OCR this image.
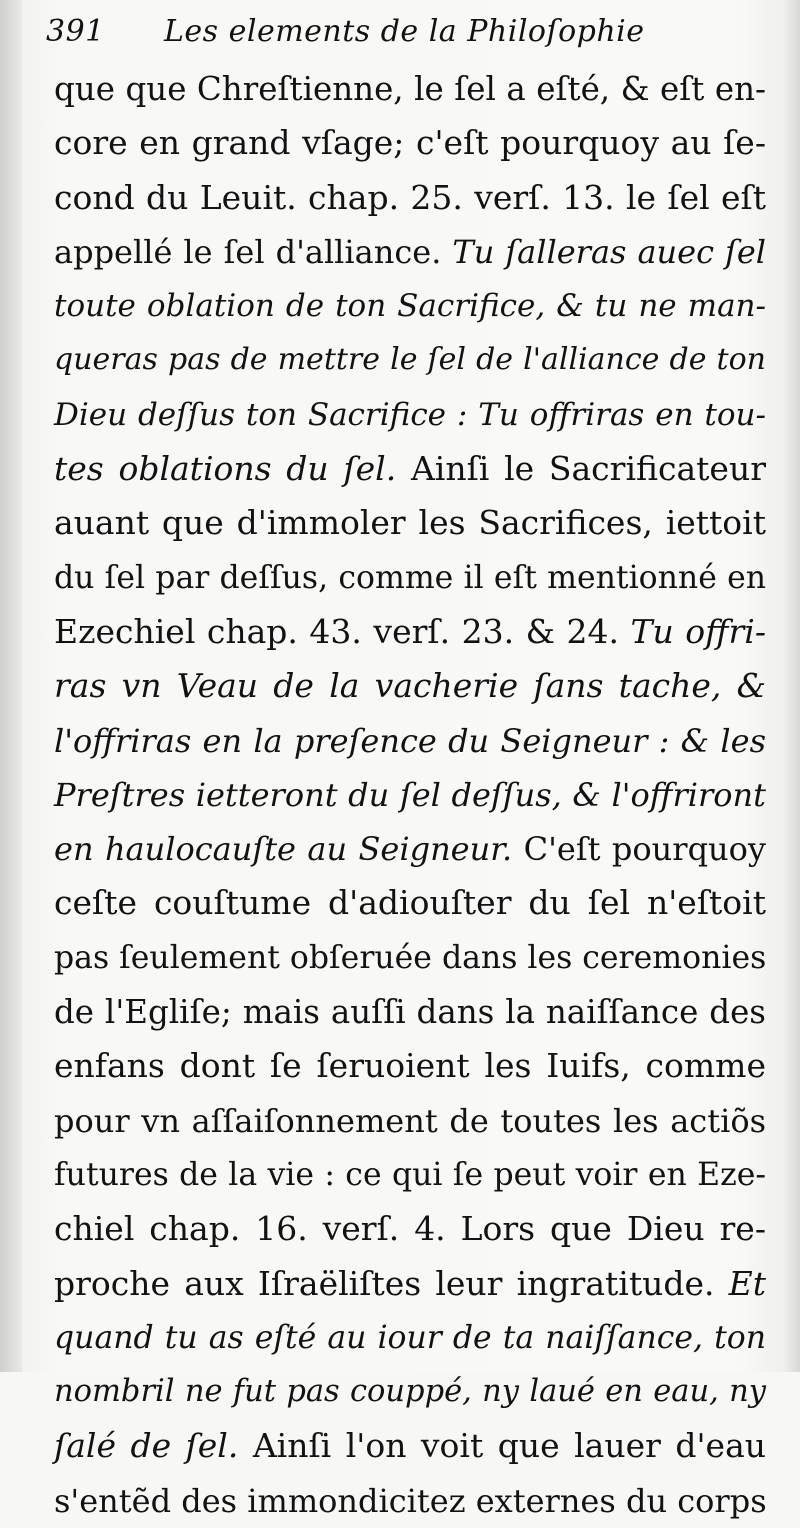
391	Les elements de la Philoſophie
que que Chreſtienne, le ſel a eſté, & eſt en-
core en grand vſage; c'eſt pourquoy au ſe-
cond du Leuit. chap. 25. verſ. 13. le ſel eſt
appellé le ſel d'alliance. Tu ſalleras auec ſel
toute oblation de ton Sacrifice, & tu ne man-
queras pas de mettre le ſel de l'alliance de ton
Dieu deſſus ton Sacrifice : Tu offriras en tou-
tes oblations du ſel. Ainſi le Sacrificateur
auant que d'immoler les Sacrifices, iettoit
du ſel par deſſus, comme il eſt mentionné en
Ezechiel chap. 43. verſ. 23. & 24. Tu offri-
ras vn Veau de la vacherie ſans tache, &
l'offriras en la preſence du Seigneur : & les
Preſtres ietteront du ſel deſſus, & l'offriront
en haulocauſte au Seigneur. C'eſt pourquoy
ceſte couſtume d'adiouſter du ſel n'eſtoit
pas ſeulement obſeruée dans les ceremonies
de l'Egliſe; mais auſſi dans la naiſſance des
enfans dont ſe ſeruoient les Iuifs, comme
pour vn aſſaiſonnement de toutes les actiõs
futures de la vie : ce qui ſe peut voir en Eze-
chiel chap. 16. verſ. 4. Lors que Dieu re-
proche aux Iſraëliſtes leur ingratitude. Et
quand tu as eſté au iour de ta naiſſance, ton
nombril ne fut pas couppé, ny laué en eau, ny
ſalé de ſel. Ainſi l'on voit que lauer d'eau
s'entẽd des immondicitez externes du corps
